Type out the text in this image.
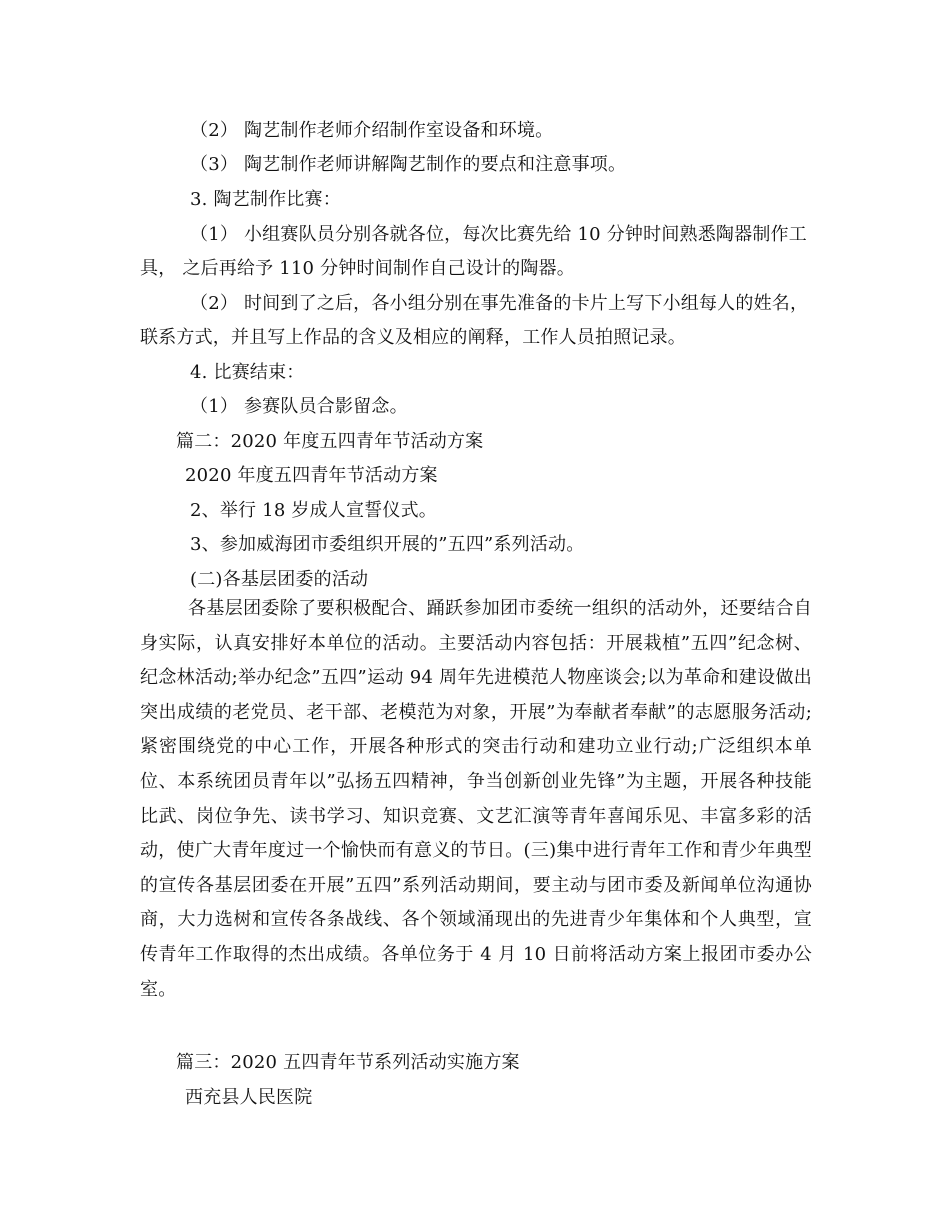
（2） 陶艺制作老师介绍制作室设备和环境。
（3） 陶艺制作老师讲解陶艺制作的要点和注意事项。
3. 陶艺制作比赛：
（1） 小组赛队员分别各就各位，每次比赛先给 10 分钟时间熟悉陶器制作工
具， 之后再给予 110 分钟时间制作自己设计的陶器。
（2） 时间到了之后，各小组分别在事先准备的卡片上写下小组每人的姓名，
联系方式，并且写上作品的含义及相应的阐释，工作人员拍照记录。
4. 比赛结束：
（1） 参赛队员合影留念。
篇二：2020 年度五四青年节活动方案
2020 年度五四青年节活动方案
2、举行 18 岁成人宣誓仪式。
3、参加威海团市委组织开展的”五四”系列活动。
(二)各基层团委的活动
各基层团委除了要积极配合、踊跃参加团市委统一组织的活动外，还要结合自身实际，认真安排好本单位的活动。主要活动内容包括：开展栽植”五四”纪念树、纪念林活动;举办纪念”五四”运动 94 周年先进模范人物座谈会;以为革命和建设做出突出成绩的老党员、老干部、老模范为对象，开展”为奉献者奉献”的志愿服务活动;紧密围绕党的中心工作，开展各种形式的突击行动和建功立业行动;广泛组织本单位、本系统团员青年以”弘扬五四精神，争当创新创业先锋”为主题，开展各种技能比武、岗位争先、读书学习、知识竞赛、文艺汇演等青年喜闻乐见、丰富多彩的活动，使广大青年度过一个愉快而有意义的节日。(三)集中进行青年工作和青少年典型的宣传各基层团委在开展”五四”系列活动期间，要主动与团市委及新闻单位沟通协商，大力选树和宣传各条战线、各个领域涌现出的先进青少年集体和个人典型，宣传青年工作取得的杰出成绩。各单位务于 4 月 10 日前将活动方案上报团市委办公室。
篇三：2020 五四青年节系列活动实施方案
西充县人民医院
